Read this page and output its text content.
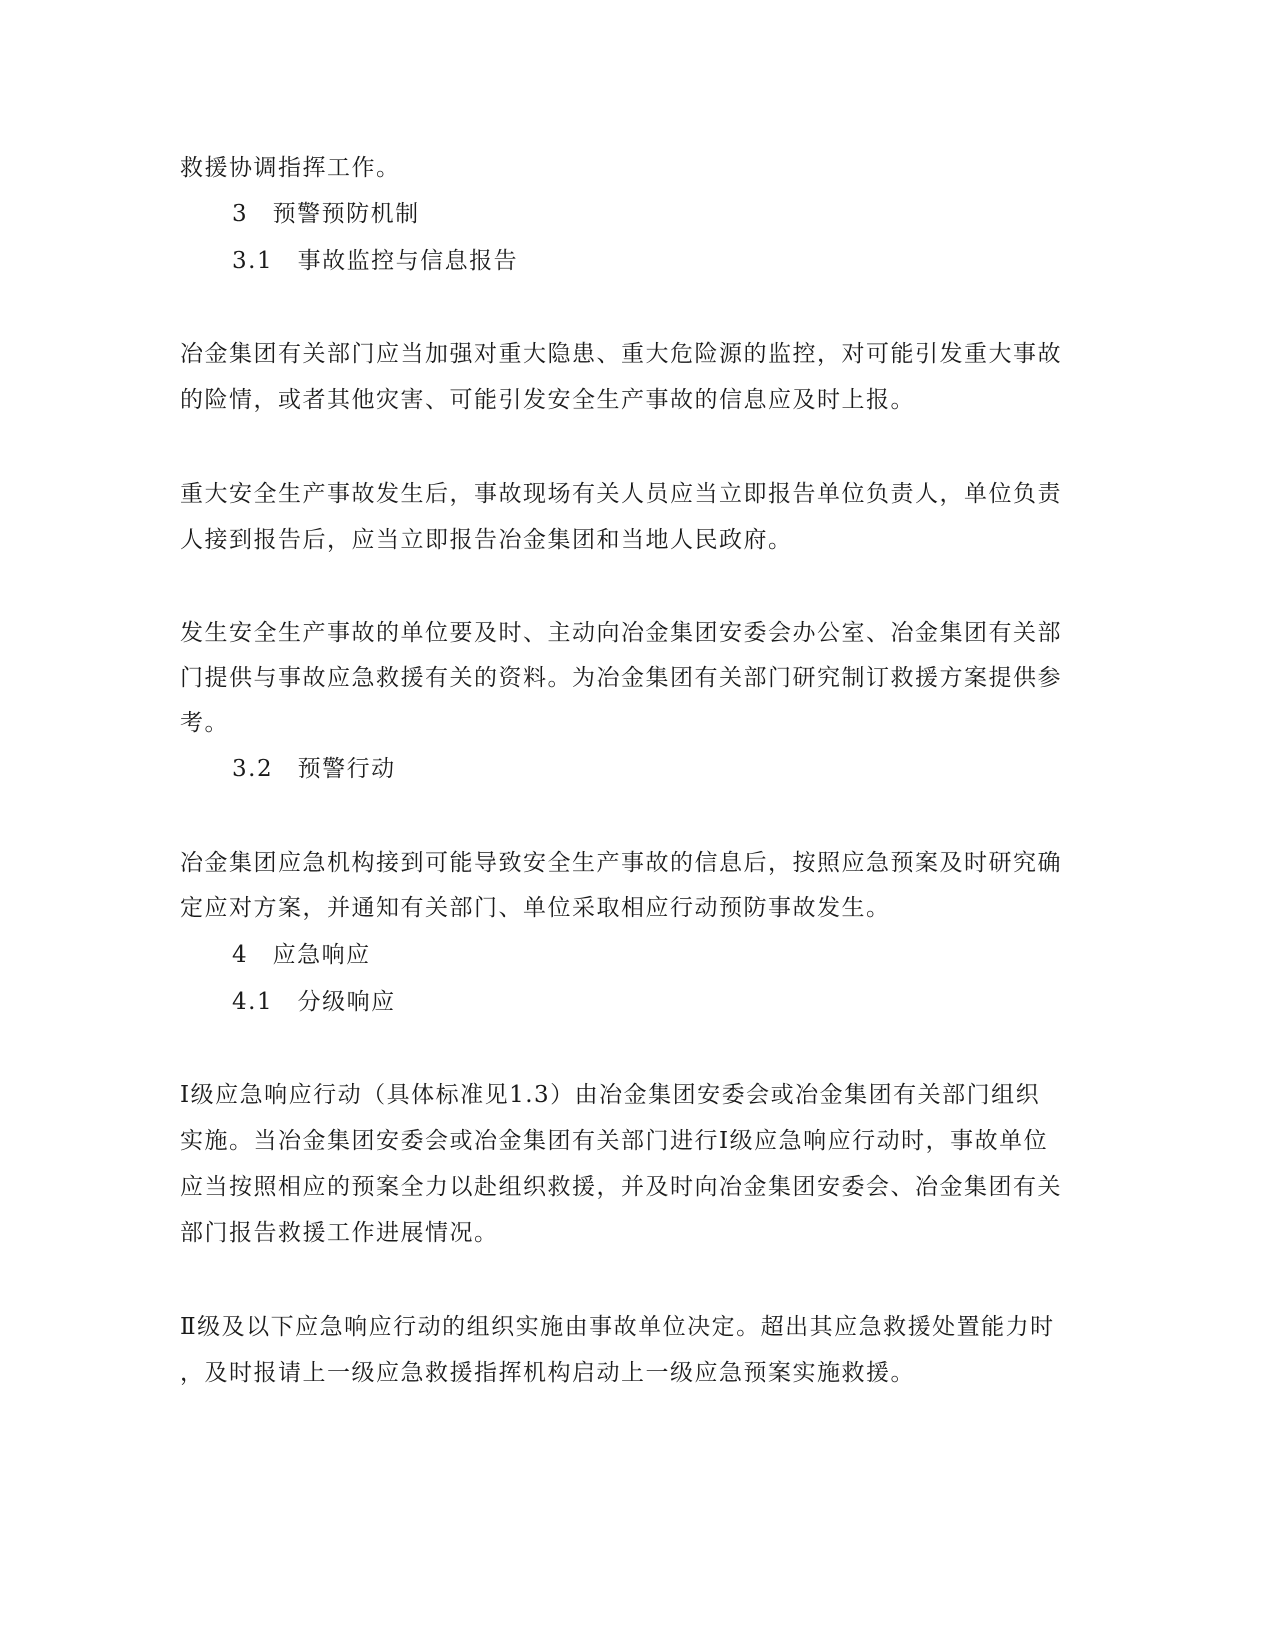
救援协调指挥工作。
3　预警预防机制
3.1　事故监控与信息报告
冶金集团有关部门应当加强对重大隐患、重大危险源的监控，对可能引发重大事故
的险情，或者其他灾害、可能引发安全生产事故的信息应及时上报。
重大安全生产事故发生后，事故现场有关人员应当立即报告单位负责人，单位负责
人接到报告后，应当立即报告冶金集团和当地人民政府。
发生安全生产事故的单位要及时、主动向冶金集团安委会办公室、冶金集团有关部
门提供与事故应急救援有关的资料。为冶金集团有关部门研究制订救援方案提供参
考。
3.2　预警行动
冶金集团应急机构接到可能导致安全生产事故的信息后，按照应急预案及时研究确
定应对方案，并通知有关部门、单位采取相应行动预防事故发生。
4　应急响应
4.1　分级响应
Ⅰ级应急响应行动（具体标准见1.3）由冶金集团安委会或冶金集团有关部门组织
实施。当冶金集团安委会或冶金集团有关部门进行Ⅰ级应急响应行动时，事故单位
应当按照相应的预案全力以赴组织救援，并及时向冶金集团安委会、冶金集团有关
部门报告救援工作进展情况。
Ⅱ级及以下应急响应行动的组织实施由事故单位决定。超出其应急救援处置能力时
，及时报请上一级应急救援指挥机构启动上一级应急预案实施救援。
